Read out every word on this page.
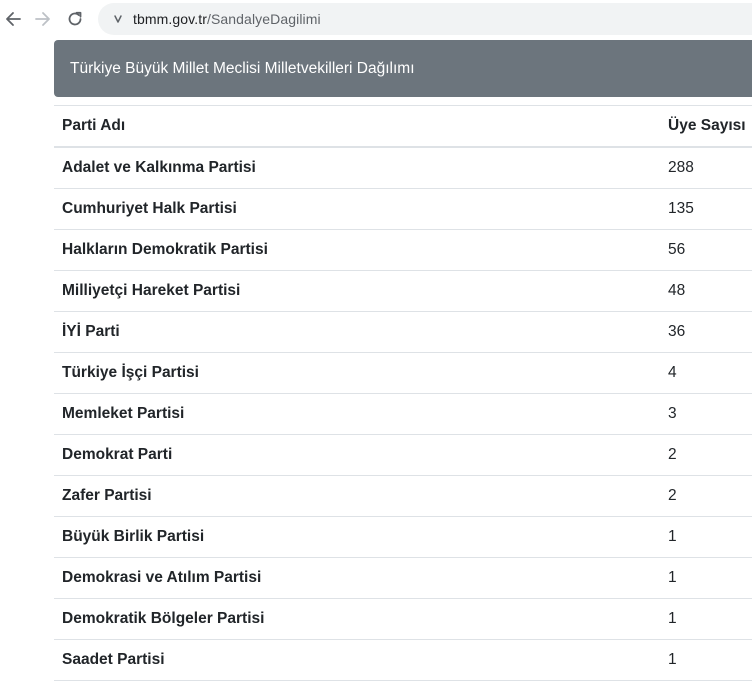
tbmm.gov.tr/SandalyeDagilimi
Türkiye Büyük Millet Meclisi Milletvekilleri Dağılımı
Parti Adı	Üye Sayısı
Adalet ve Kalkınma Partisi	288
Cumhuriyet Halk Partisi	135
Halkların Demokratik Partisi	56
Milliyetçi Hareket Partisi	48
İYİ Parti	36
Türkiye İşçi Partisi	4
Memleket Partisi	3
Demokrat Parti	2
Zafer Partisi	2
Büyük Birlik Partisi	1
Demokrasi ve Atılım Partisi	1
Demokratik Bölgeler Partisi	1
Saadet Partisi	1
